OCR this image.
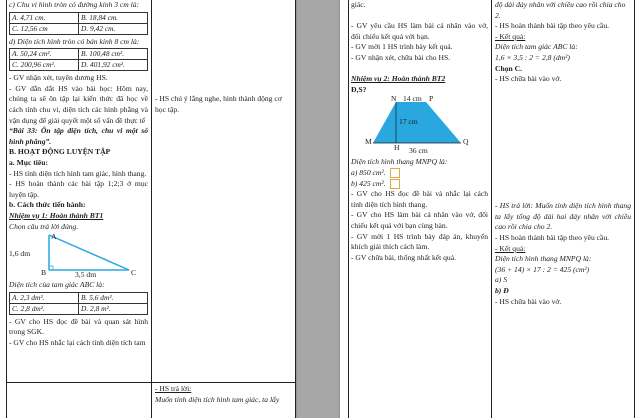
c) Chu vi hình tròn có đường kính 3 cm là:

A. 4,71 cm.	B. 18,84 cm.
C. 12,56 cm	D. 9,42 cm.

d) Diện tích hình tròn có bán kính 8 cm là:

A. 50,24 cm².	B. 100,48 cm².
C. 200,96 cm².	D. 401,92 cm².

- GV nhận xét, tuyên dương HS.

- GV dẫn dắt HS vào bài học: Hôm nay, chúng ta sẽ ôn tập lại kiến thức đã học về cách tính chu vi, diện tích các hình phẳng và vận dụng để giải quyết một số vấn đề thực tế

“Bài 33: Ôn tập diện tích, chu vi một số hình phẳng”.

B. HOẠT ĐỘNG LUYỆN TẬP

a. Mục tiêu:

- HS tính diện tích hình tam giác, hình thang.

- HS hoàn thành các bài tập 1;2;3 ở mục luyện tập.

b. Cách thức tiến hành:

Nhiệm vụ 1: Hoàn thành BT1

Chọn câu trả lời đúng.

A
B	C
1,6 dm
3,5 dm

Diện tích của tam giác ABC là:

A. 2,3 dm².	B. 5,6 dm².
C. 2,8 dm².	D. 2,8 m².

- GV cho HS đọc đề bài và quan sát hình trong SGK.

- GV cho HS nhắc lại cách tính diện tích tam

- HS chú ý lắng nghe, hình thành động cơ học tập.
- HS trả lời:
Muốn tính diện tích hình tam giác, ta lấy

giác.

- GV yêu cầu HS làm bài cá nhân vào vở, đối chiếu kết quả với bạn.

- GV mời 1 HS trình bày kết quả.

- GV nhận xét, chữa bài cho HS.

Nhiệm vụ 2: Hoàn thành BT2

Đ,S?

N	P
M	Q
H
14 cm
17 cm
36 cm

Diện tích hình thang MNPQ là:

a) 850 cm².

b) 425 cm².

- GV cho HS đọc đề bài và nhắc lại cách tính diện tích hình thang.

- GV cho HS làm bài cá nhân vào vở, đối chiếu kết quả với bạn cùng bàn.

- GV mời 1 HS trình bày đáp án, khuyến khích giải thích cách làm.

- GV chữa bài, thống nhất kết quả.

độ dài đáy nhân với chiều cao rồi chia cho 2.

- HS hoàn thành bài tập theo yêu cầu.

- Kết quả:

Diện tích tam giác ABC là:

1,6 × 3,5 : 2 = 2,8 (dm²)

Chọn C.

- HS chữa bài vào vở.

- HS trả lời: Muốn tính diện tích hình thang ta lấy tổng độ dài hai đáy nhân với chiều cao rồi chia cho 2.

- HS hoàn thành bài tập theo yêu cầu.

- Kết quả:

Diện tích hình thang MNPQ là:

(36 + 14) × 17 : 2 = 425 (cm²)

a) S

b) Đ

- HS chữa bài vào vở.
